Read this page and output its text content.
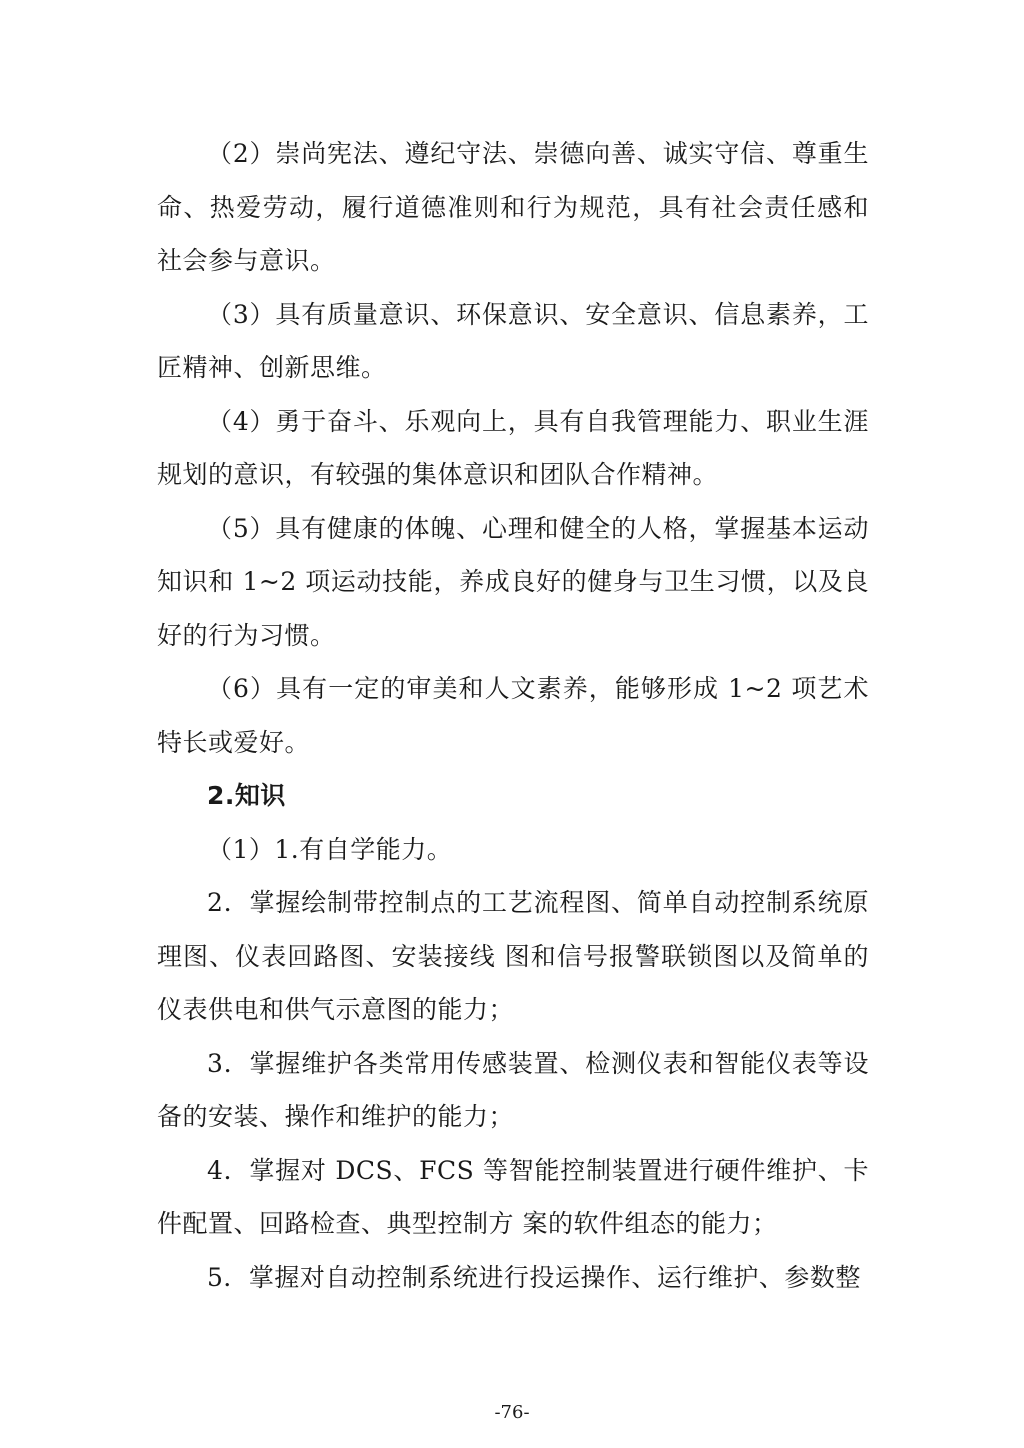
（2）崇尚宪法、遵纪守法、崇德向善、诚实守信、尊重生命、热爱劳动，履行道德准则和行为规范，具有社会责任感和社会参与意识。

（3）具有质量意识、环保意识、安全意识、信息素养，工匠精神、创新思维。

（4）勇于奋斗、乐观向上，具有自我管理能力、职业生涯规划的意识，有较强的集体意识和团队合作精神。

（5）具有健康的体魄、心理和健全的人格，掌握基本运动知识和 1~2 项运动技能，养成良好的健身与卫生习惯，以及良好的行为习惯。

（6）具有一定的审美和人文素养，能够形成 1~2 项艺术特长或爱好。

2.知识

（1）1.有自学能力。

2．掌握绘制带控制点的工艺流程图、简单自动控制系统原理图、仪表回路图、安装接线 图和信号报警联锁图以及简单的仪表供电和供气示意图的能力；

3．掌握维护各类常用传感装置、检测仪表和智能仪表等设备的安装、操作和维护的能力；

4．掌握对 DCS、FCS 等智能控制装置进行硬件维护、卡件配置、回路检查、典型控制方 案的软件组态的能力；

5．掌握对自动控制系统进行投运操作、运行维护、参数整

-76-
